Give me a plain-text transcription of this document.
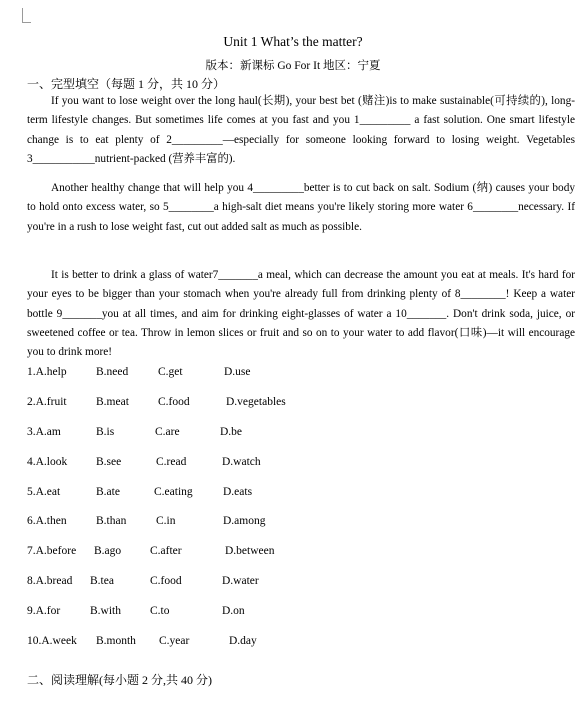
Unit 1 What’s the matter?
版本：新课标 Go For It 地区：宁夏
一、完型填空（每题 1 分，共 10 分）

If you want to lose weight over the long haul(长期), your best bet (赌注)is to make sustainable(可持续的), long-term lifestyle changes. But sometimes life comes at you fast and you 1_________ a fast solution. One smart lifestyle change is to eat plenty of 2_________—especially for someone looking forward to losing weight. Vegetables 3___________nutrient-packed (营养丰富的).

Another healthy change that will help you 4_________better is to cut back on salt. Sodium (纳) causes your body to hold onto excess water, so 5________a high-salt diet means you're likely storing more water 6________necessary. If you're in a rush to lose weight fast, cut out added salt as much as possible.

It is better to drink a glass of water7_______a meal, which can decrease the amount you eat at meals. It's hard for your eyes to be bigger than your stomach when you're already full from drinking plenty of 8________! Keep a water bottle 9_______you at all times, and aim for drinking eight-glasses of water a 10_______. Don't drink soda, juice, or sweetened coffee or tea. Throw in lemon slices or fruit and so on to your water to add flavor(口味)—it will encourage you to drink more!

1.A.help	B.need	C.get	D.use
2.A.fruit	B.meat	C.food	D.vegetables
3.A.am	B.is	C.are	D.be
4.A.look	B.see	C.read	D.watch
5.A.eat	B.ate	C.eating	D.eats
6.A.then	B.than	C.in	D.among
7.A.before B.ago	C.after	D.between
8.A.bread B.tea	C.food	D.water
9.A.for	B.with	C.to	D.on
10.A.week B.month C.year	D.day
二、阅读理解(每小题 2 分,共 40 分)
